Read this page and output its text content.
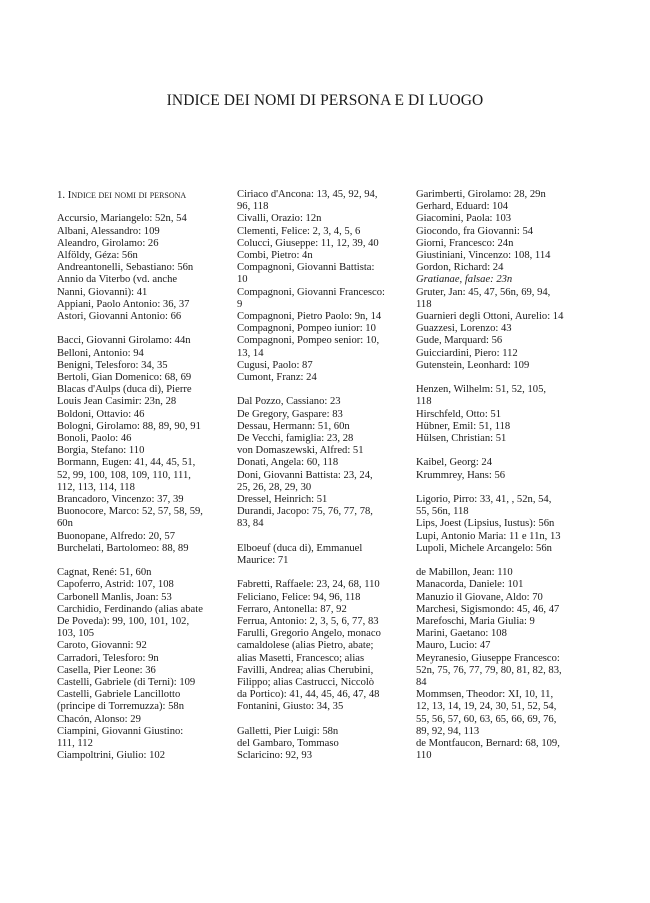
INDICE DEI NOMI DI PERSONA E DI LUOGO
1. Indice dei nomi di persona
Accursio, Mariangelo: 52n, 54
Albani, Alessandro: 109
Aleandro, Girolamo: 26
Alföldy, Géza: 56n
Andreantonelli, Sebastiano: 56n
Annio da Viterbo (vd. anche
Nanni, Giovanni): 41
Appiani, Paolo Antonio: 36, 37
Astori, Giovanni Antonio: 66
Bacci, Giovanni Girolamo: 44n
Belloni, Antonio: 94
Benigni, Telesforo: 34, 35
Bertoli, Gian Domenico: 68, 69
Blacas d'Aulps (duca di), Pierre
Louis Jean Casimir: 23n, 28
Boldoni, Ottavio: 46
Bologni, Girolamo: 88, 89, 90, 91
Bonoli, Paolo: 46
Borgia, Stefano: 110
Bormann, Eugen: 41, 44, 45, 51,
52, 99, 100, 108, 109, 110, 111,
112, 113, 114, 118
Brancadoro, Vincenzo: 37, 39
Buonocore, Marco: 52, 57, 58, 59,
60n
Buonopane, Alfredo: 20, 57
Burchelati, Bartolomeo: 88, 89
Cagnat, René: 51, 60n
Capoferro, Astrid: 107, 108
Carbonell Manlis, Joan: 53
Carchidio, Ferdinando (alias abate
De Poveda): 99, 100, 101, 102,
103, 105
Caroto, Giovanni: 92
Carradori, Telesforo: 9n
Casella, Pier Leone: 36
Castelli, Gabriele (di Terni): 109
Castelli, Gabriele Lancillotto
(principe di Torremuzza): 58n
Chacón, Alonso: 29
Ciampini, Giovanni Giustino:
111, 112
Ciampoltrini, Giulio: 102
Ciriaco d'Ancona: 13, 45, 92, 94,
96, 118
Civalli, Orazio: 12n
Clementi, Felice: 2, 3, 4, 5, 6
Colucci, Giuseppe: 11, 12, 39, 40
Combi, Pietro: 4n
Compagnoni, Giovanni Battista:
10
Compagnoni, Giovanni Francesco:
9
Compagnoni, Pietro Paolo: 9n, 14
Compagnoni, Pompeo iunior: 10
Compagnoni, Pompeo senior: 10,
13, 14
Cugusi, Paolo: 87
Cumont, Franz: 24
Dal Pozzo, Cassiano: 23
De Gregory, Gaspare: 83
Dessau, Hermann: 51, 60n
De Vecchi, famiglia: 23, 28
von Domaszewski, Alfred: 51
Donati, Angela: 60, 118
Doni, Giovanni Battista: 23, 24,
25, 26, 28, 29, 30
Dressel, Heinrich: 51
Durandi, Jacopo: 75, 76, 77, 78,
83, 84
Elboeuf (duca di), Emmanuel
Maurice: 71
Fabretti, Raffaele: 23, 24, 68, 110
Feliciano, Felice: 94, 96, 118
Ferraro, Antonella: 87, 92
Ferrua, Antonio: 2, 3, 5, 6, 77, 83
Farulli, Gregorio Angelo, monaco
camaldolese (alias Pietro, abate;
alias Masetti, Francesco; alias
Favilli, Andrea; alias Cherubini,
Filippo; alias Castrucci, Niccolò
da Portico): 41, 44, 45, 46, 47, 48
Fontanini, Giusto: 34, 35
Galletti, Pier Luigi: 58n
del Gambaro, Tommaso
Sclaricino: 92, 93
Garimberti, Girolamo: 28, 29n
Gerhard, Eduard: 104
Giacomini, Paola: 103
Giocondo, fra Giovanni: 54
Giorni, Francesco: 24n
Giustiniani, Vincenzo: 108, 114
Gordon, Richard: 24
Gratianae, falsae: 23n
Gruter, Jan: 45, 47, 56n, 69, 94,
118
Guarnieri degli Ottoni, Aurelio: 14
Guazzesi, Lorenzo: 43
Gude, Marquard: 56
Guicciardini, Piero: 112
Gutenstein, Leonhard: 109
Henzen, Wilhelm: 51, 52, 105,
118
Hirschfeld, Otto: 51
Hübner, Emil: 51, 118
Hülsen, Christian: 51
Kaibel, Georg: 24
Krummrey, Hans: 56
Ligorio, Pirro: 33, 41, , 52n, 54,
55, 56n, 118
Lips, Joest (Lipsius, Iustus): 56n
Lupi, Antonio Maria: 11 e 11n, 13
Lupoli, Michele Arcangelo: 56n
de Mabillon, Jean: 110
Manacorda, Daniele: 101
Manuzio il Giovane, Aldo: 70
Marchesi, Sigismondo: 45, 46, 47
Marefoschi, Maria Giulia: 9
Marini, Gaetano: 108
Mauro, Lucio: 47
Meyranesio, Giuseppe Francesco:
52n, 75, 76, 77, 79, 80, 81, 82, 83,
84
Mommsen, Theodor: XI, 10, 11,
12, 13, 14, 19, 24, 30, 51, 52, 54,
55, 56, 57, 60, 63, 65, 66, 69, 76,
89, 92, 94, 113
de Montfaucon, Bernard: 68, 109,
110
